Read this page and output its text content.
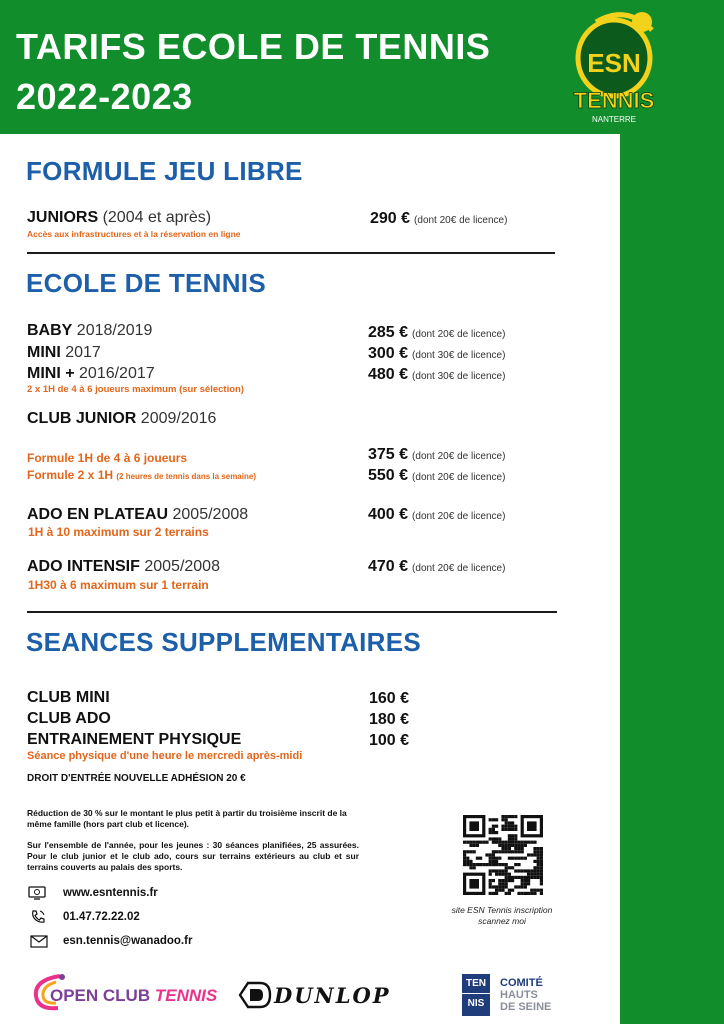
TARIFS ECOLE DE TENNIS
2022-2023
ESN
TENNIS
NANTERRE
FORMULE JEU LIBRE
JUNIORS (2004 et après)
Accès aux infrastructures et à la réservation en ligne
290 € (dont 20€ de licence)
ECOLE DE TENNIS
BABY 2018/2019	285 € (dont 20€ de licence)
MINI 2017	300 € (dont 30€ de licence)
MINI + 2016/2017	480 € (dont 30€ de licence)
2 x 1H de 4 à 6 joueurs maximum (sur sélection)
CLUB JUNIOR 2009/2016
Formule 1H de 4 à 6 joueurs	375 € (dont 20€ de licence)
Formule 2 x 1H (2 heures de tennis dans la semaine)	550 € (dont 20€ de licence)
ADO EN PLATEAU 2005/2008	400 € (dont 20€ de licence)
1H à 10 maximum sur 2 terrains
ADO INTENSIF 2005/2008	470 € (dont 20€ de licence)
1H30 à 6 maximum sur 1 terrain
SEANCES SUPPLEMENTAIRES
CLUB MINI	160 €
CLUB ADO	180 €
ENTRAINEMENT PHYSIQUE	100 €
Séance physique d'une heure le mercredi après-midi
DROIT D'ENTRÉE NOUVELLE ADHÉSION 20 €
Réduction de 30 % sur le montant le plus petit à partir du troisième inscrit de la même famille (hors part club et licence).
Sur l'ensemble de l'année, pour les jeunes : 30 séances planifiées, 25 assurées. Pour le club junior et le club ado, cours sur terrains extérieurs au club et sur terrains couverts au palais des sports.
www.esntennis.fr
01.47.72.22.02
esn.tennis@wanadoo.fr
site ESN Tennis inscription
scannez moi
OPEN CLUB TENNIS	DUNLOP	TEN
NIS
COMITÉ
HAUTS
DE SEINE
